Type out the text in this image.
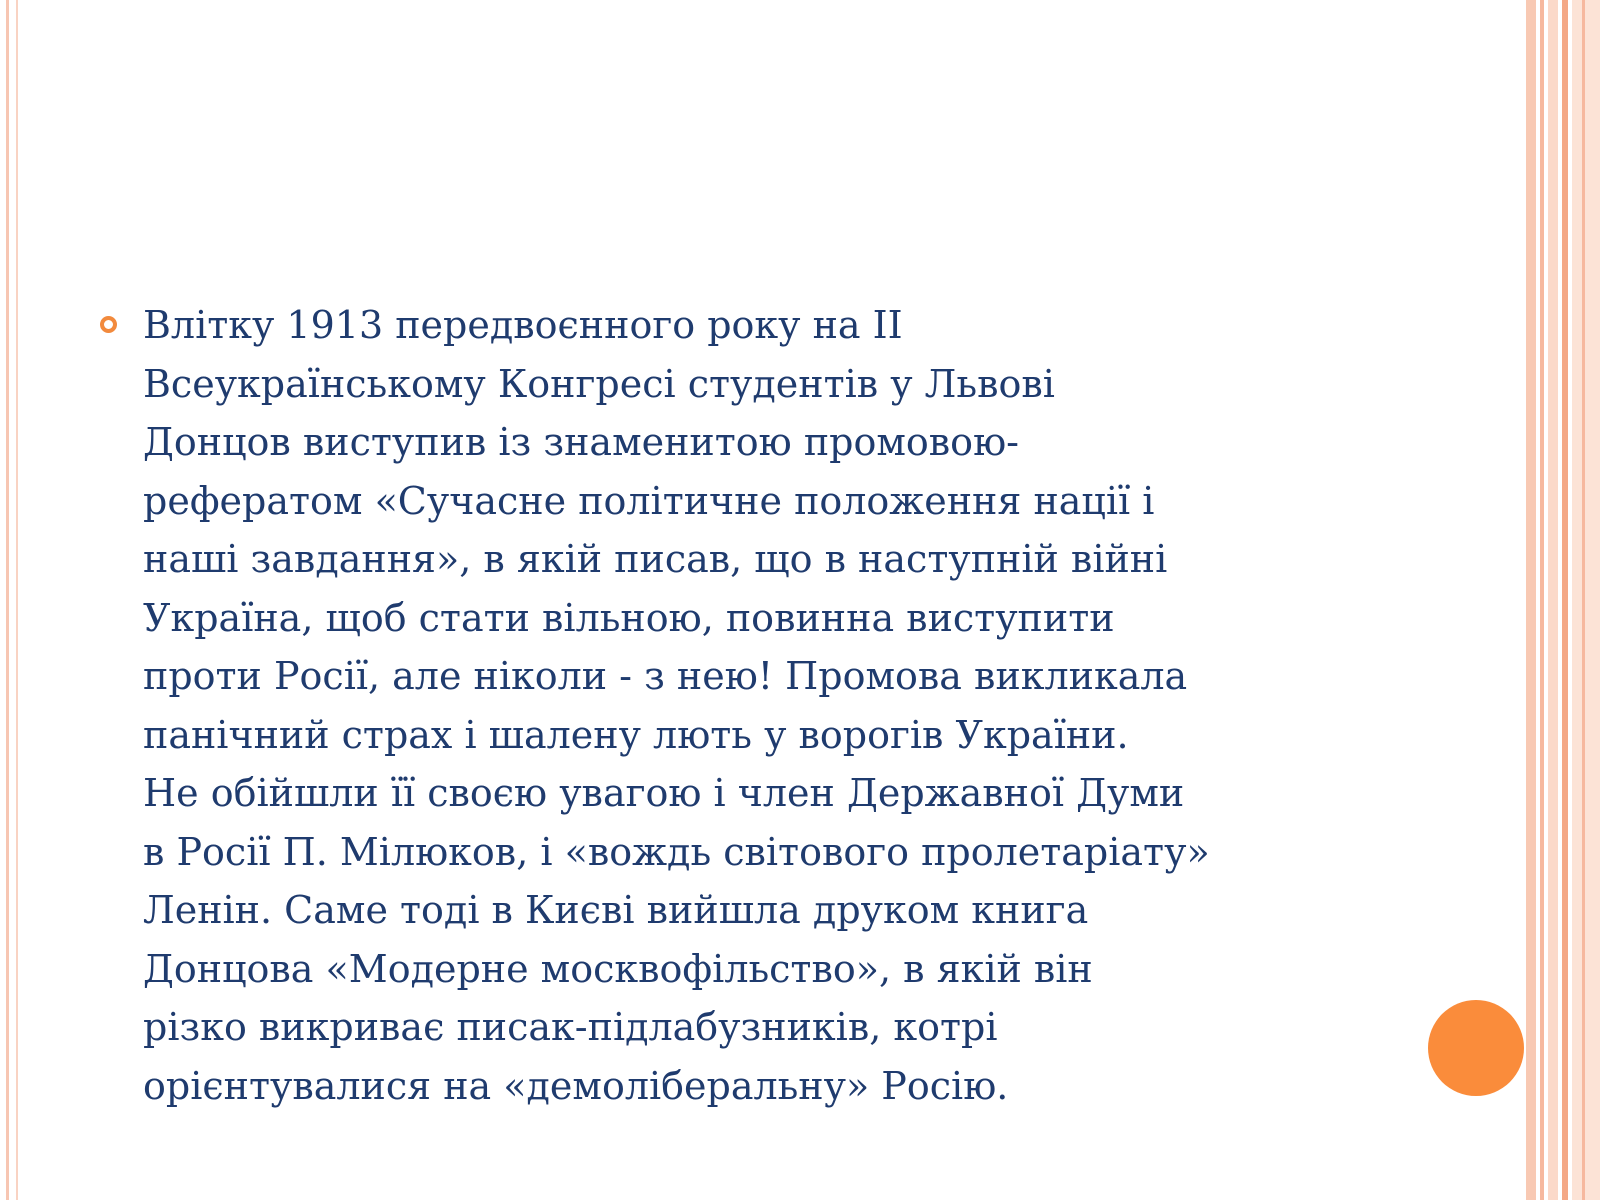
Влітку 1913 передвоєнного року на ІІ
Всеукраїнському Конгресі студентів у Львові
Донцов виступив із знаменитою промовою-
рефератом «Сучасне політичне положення нації і
наші завдання», в якій писав, що в наступній війні
Україна, щоб стати вільною, повинна виступити
проти Росії, але ніколи - з нею! Промова викликала
панічний страх і шалену лють у ворогів України.
Не обійшли її своєю увагою і член Державної Думи
в Росії П. Мілюков, і «вождь світового пролетаріату»
Ленін. Саме тоді в Києві вийшла друком книга
Донцова «Модерне москвофільство», в якій він
різко викриває писак-підлабузників, котрі
орієнтувалися на «демоліберальну» Росію.
